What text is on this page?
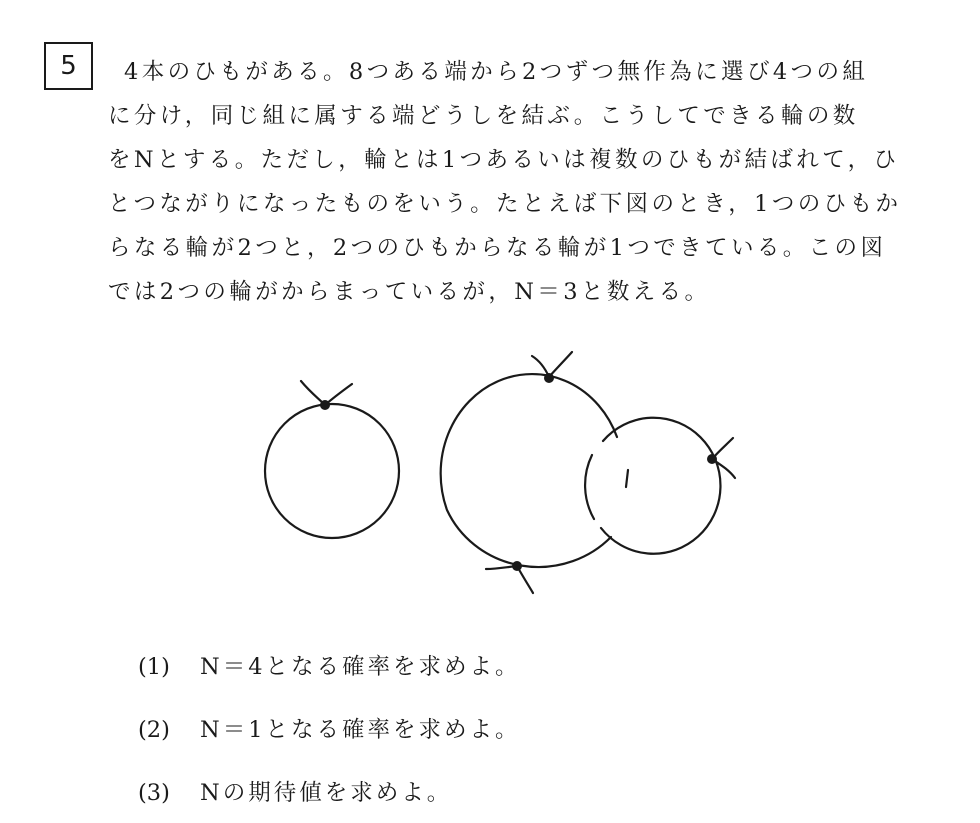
5	4本のひもがある。8つある端から2つずつ無作為に選び4つの組
に分け，同じ組に属する端どうしを結ぶ。こうしてできる輪の数
をNとする。ただし，輪とは1つあるいは複数のひもが結ばれて，ひ
とつながりになったものをいう。たとえば下図のとき，1つのひもか
らなる輪が2つと，2つのひもからなる輪が1つできている。この図
では2つの輪がからまっているが，N＝3と数える。
(1) N＝4となる確率を求めよ。
(2) N＝1となる確率を求めよ。
(3) Nの期待値を求めよ。
